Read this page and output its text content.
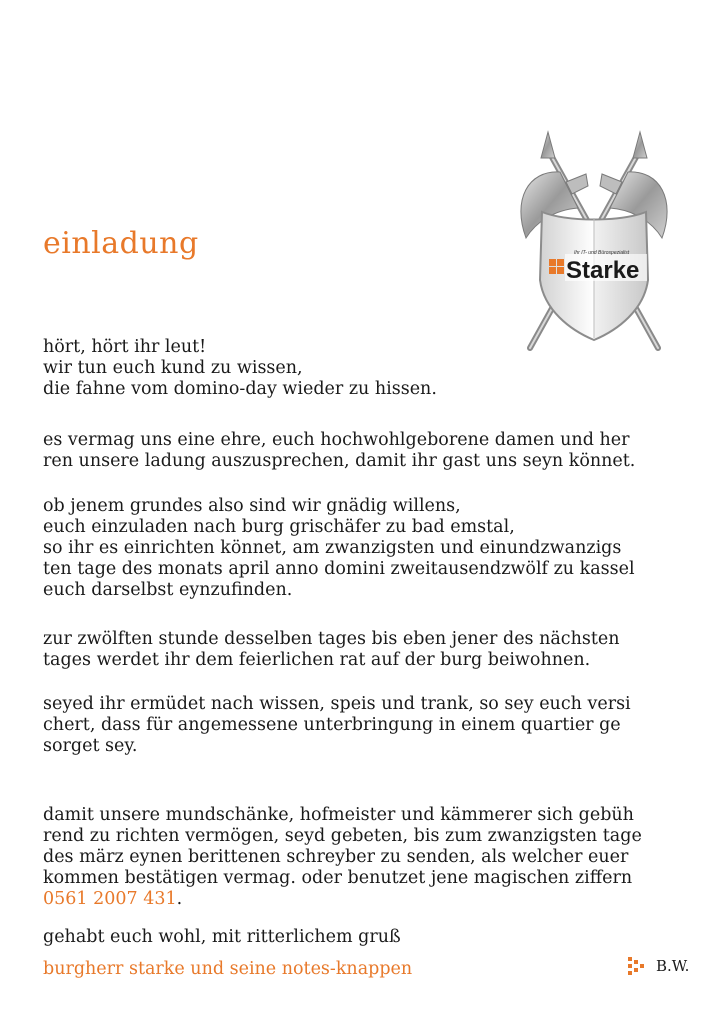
einladung
Starke
Ihr IT- und Bürospezialist

hört, hört ihr leut!
wir tun euch kund zu wissen,
die fahne vom domino-day wieder zu hissen.

es vermag uns eine ehre, euch hochwohlgeborene damen und her
ren unsere ladung auszusprechen, damit ihr gast uns seyn könnet.

ob jenem grundes also sind wir gnädig willens,
euch einzuladen nach burg grischäfer zu bad emstal,
so ihr es einrichten könnet, am zwanzigsten und einundzwanzigs
ten tage des monats april anno domini zweitausendzwölf zu kassel
euch darselbst eynzufinden.

zur zwölften stunde desselben tages bis eben jener des nächsten
tages werdet ihr dem feierlichen rat auf der burg beiwohnen.

seyed ihr ermüdet nach wissen, speis und trank, so sey euch versi
chert, dass für angemessene unterbringung in einem quartier ge
sorget sey.

damit unsere mundschänke, hofmeister und kämmerer sich gebüh
rend zu richten vermögen, seyd gebeten, bis zum zwanzigsten tage
des märz eynen berittenen schreyber zu senden, als welcher euer
kommen bestätigen vermag. oder benutzet jene magischen ziffern
0561 2007 431.

gehabt euch wohl, mit ritterlichem gruß
burgherr starke und seine notes-knappen	B.W.
